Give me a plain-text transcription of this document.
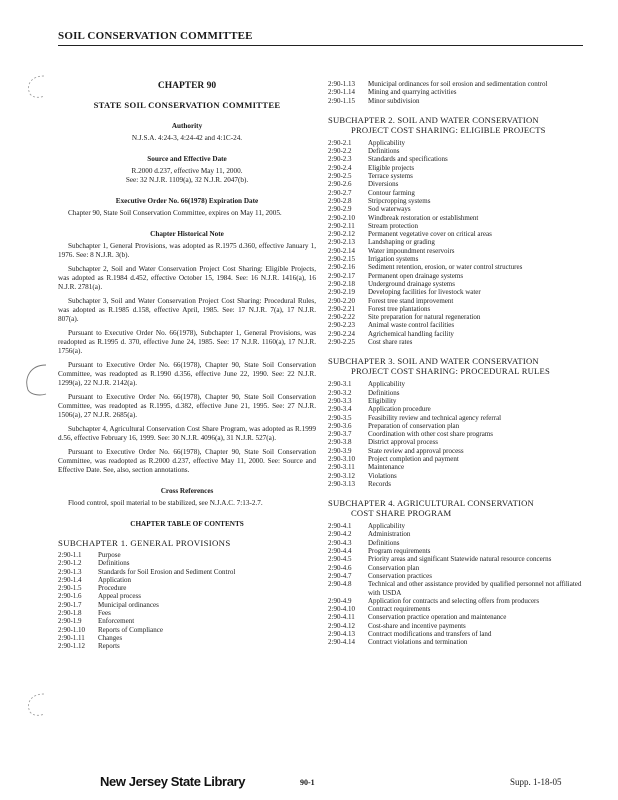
SOIL CONSERVATION COMMITTEE
CHAPTER 90
STATE SOIL CONSERVATION COMMITTEE
Authority
N.J.S.A. 4:24-3, 4:24-42 and 4:1C-24.
Source and Effective Date
R.2000 d.237, effective May 11, 2000.
See: 32 N.J.R. 1109(a), 32 N.J.R. 2047(b).
Executive Order No. 66(1978) Expiration Date

Chapter 90, State Soil Conservation Committee, expires on May 11, 2005.

Chapter Historical Note

Subchapter 1, General Provisions, was adopted as R.1975 d.360, effective January 1, 1976. See: 8 N.J.R. 3(b).

Subchapter 2, Soil and Water Conservation Project Cost Sharing: Eligible Projects, was adopted as R.1984 d.452, effective October 15, 1984. See: 16 N.J.R. 1416(a), 16 N.J.R. 2781(a).

Subchapter 3, Soil and Water Conservation Project Cost Sharing: Procedural Rules, was adopted as R.1985 d.158, effective April, 1985. See: 17 N.J.R. 7(a), 17 N.J.R. 807(a).

Pursuant to Executive Order No. 66(1978), Subchapter 1, General Provisions, was readopted as R.1995 d. 370, effective June 24, 1985. See: 17 N.J.R. 1160(a), 17 N.J.R. 1756(a).

Pursuant to Executive Order No. 66(1978), Chapter 90, State Soil Conservation Committee, was readopted as R.1990 d.356, effective June 22, 1990. See: 22 N.J.R. 1299(a), 22 N.J.R. 2142(a).

Pursuant to Executive Order No. 66(1978), Chapter 90, State Soil Conservation Committee, was readopted as R.1995, d.382, effective June 21, 1995. See: 27 N.J.R. 1506(a), 27 N.J.R. 2685(a).

Subchapter 4, Agricultural Conservation Cost Share Program, was adopted as R.1999 d.56, effective February 16, 1999. See: 30 N.J.R. 4096(a), 31 N.J.R. 527(a).

Pursuant to Executive Order No. 66(1978), Chapter 90, State Soil Conservation Committee, was readopted as R.2000 d.237, effective May 11, 2000. See: Source and Effective Date. See, also, section annotations.

Cross References

Flood control, spoil material to be stabilized, see N.J.A.C. 7:13-2.7.

CHAPTER TABLE OF CONTENTS
SUBCHAPTER 1. GENERAL PROVISIONS
2:90-1.1	Purpose
2:90-1.2	Definitions
2:90-1.3	Standards for Soil Erosion and Sediment Control
2:90-1.4	Application
2:90-1.5	Procedure
2:90-1.6	Appeal process
2:90-1.7	Municipal ordinances
2:90-1.8	Fees
2:90-1.9	Enforcement
2:90-1.10	Reports of Compliance
2:90-1.11	Changes
2:90-1.12	Reports
2:90-1.13	Municipal ordinances for soil erosion and sedimentation control
2:90-1.14	Mining and quarrying activities
2:90-1.15	Minor subdivision
SUBCHAPTER 2. SOIL AND WATER CONSERVATION
PROJECT COST SHARING: ELIGIBLE PROJECTS
2:90-2.1	Applicability
2:90-2.2	Definitions
2:90-2.3	Standards and specifications
2:90-2.4	Eligible projects
2:90-2.5	Terrace systems
2:90-2.6	Diversions
2:90-2.7	Contour farming
2:90-2.8	Stripcropping systems
2:90-2.9	Sod waterways
2:90-2.10	Windbreak restoration or establishment
2:90-2.11	Stream protection
2:90-2.12	Permanent vegetative cover on critical areas
2:90-2.13	Landshaping or grading
2:90-2.14	Water impoundment reservoirs
2:90-2.15	Irrigation systems
2:90-2.16	Sediment retention, erosion, or water control structures
2:90-2.17	Permanent open drainage systems
2:90-2.18	Underground drainage systems
2:90-2.19	Developing facilities for livestock water
2:90-2.20	Forest tree stand improvement
2:90-2.21	Forest tree plantations
2:90-2.22	Site preparation for natural regeneration
2:90-2.23	Animal waste control facilities
2:90-2.24	Agrichemical handling facility
2:90-2.25	Cost share rates
SUBCHAPTER 3. SOIL AND WATER CONSERVATION
PROJECT COST SHARING: PROCEDURAL RULES
2:90-3.1	Applicability
2:90-3.2	Definitions
2:90-3.3	Eligibility
2:90-3.4	Application procedure
2:90-3.5	Feasibility review and technical agency referral
2:90-3.6	Preparation of conservation plan
2:90-3.7	Coordination with other cost share programs
2:90-3.8	District approval process
2:90-3.9	State review and approval process
2:90-3.10	Project completion and payment
2:90-3.11	Maintenance
2:90-3.12	Violations
2:90-3.13	Records
SUBCHAPTER 4. AGRICULTURAL CONSERVATION
COST SHARE PROGRAM
2:90-4.1	Applicability
2:90-4.2	Administration
2:90-4.3	Definitions
2:90-4.4	Program requirements
2:90-4.5	Priority areas and significant Statewide natural resource concerns
2:90-4.6	Conservation plan
2:90-4.7	Conservation practices
2:90-4.8	Technical and other assistance provided by qualified personnel not affiliated with USDA
2:90-4.9	Application for contracts and selecting offers from producers
2:90-4.10	Contract requirements
2:90-4.11	Conservation practice operation and maintenance
2:90-4.12	Cost-share and incentive payments
2:90-4.13	Contract modifications and transfers of land
2:90-4.14	Contract violations and termination
New Jersey State Library	90-1	Supp. 1-18-05
